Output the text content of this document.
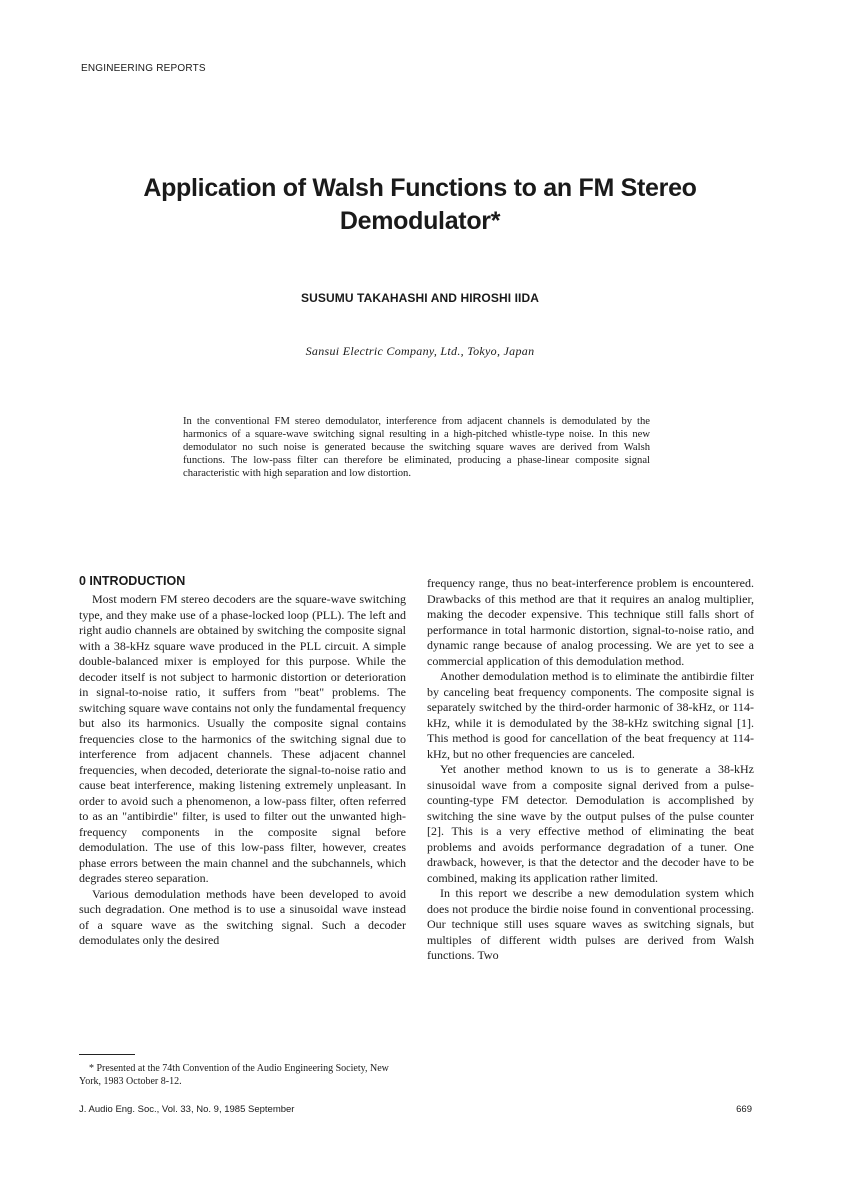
ENGINEERING REPORTS
Application of Walsh Functions to an FM Stereo Demodulator*
SUSUMU TAKAHASHI AND HIROSHI IIDA
Sansui Electric Company, Ltd., Tokyo, Japan

In the conventional FM stereo demodulator, interference from adjacent channels is demodulated by the harmonics of a square-wave switching signal resulting in a high-pitched whistle-type noise. In this new demodulator no such noise is generated because the switching square waves are derived from Walsh functions. The low-pass filter can therefore be eliminated, producing a phase-linear composite signal characteristic with high separation and low distortion.

0 INTRODUCTION

Most modern FM stereo decoders are the square-wave switching type, and they make use of a phase-locked loop (PLL). The left and right audio channels are obtained by switching the composite signal with a 38-kHz square wave produced in the PLL circuit. A simple double-balanced mixer is employed for this purpose. While the decoder itself is not subject to harmonic distortion or deterioration in signal-to-noise ratio, it suffers from "beat" problems. The switching square wave contains not only the fundamental frequency but also its harmonics. Usually the composite signal contains frequencies close to the harmonics of the switching signal due to interference from adjacent channels. These adjacent channel frequencies, when decoded, deteriorate the signal-to-noise ratio and cause beat interference, making listening extremely unpleasant. In order to avoid such a phenomenon, a low-pass filter, often referred to as an "antibirdie" filter, is used to filter out the unwanted high-frequency components in the composite signal before demodulation. The use of this low-pass filter, however, creates phase errors between the main channel and the subchannels, which degrades stereo separation.

Various demodulation methods have been developed to avoid such degradation. One method is to use a sinusoidal wave instead of a square wave as the switching signal. Such a decoder demodulates only the desired

frequency range, thus no beat-interference problem is encountered. Drawbacks of this method are that it requires an analog multiplier, making the decoder expensive. This technique still falls short of performance in total harmonic distortion, signal-to-noise ratio, and dynamic range because of analog processing. We are yet to see a commercial application of this demodulation method.

Another demodulation method is to eliminate the antibirdie filter by canceling beat frequency components. The composite signal is separately switched by the third-order harmonic of 38-kHz, or 114-kHz, while it is demodulated by the 38-kHz switching signal [1]. This method is good for cancellation of the beat frequency at 114-kHz, but no other frequencies are canceled.

Yet another method known to us is to generate a 38-kHz sinusoidal wave from a composite signal derived from a pulse-counting-type FM detector. Demodulation is accomplished by switching the sine wave by the output pulses of the pulse counter [2]. This is a very effective method of eliminating the beat problems and avoids performance degradation of a tuner. One drawback, however, is that the detector and the decoder have to be combined, making its application rather limited.

In this report we describe a new demodulation system which does not produce the birdie noise found in conventional processing. Our technique still uses square waves as switching signals, but multiples of different width pulses are derived from Walsh functions. Two

* Presented at the 74th Convention of the Audio Engineering Society, New York, 1983 October 8-12.

J. Audio Eng. Soc., Vol. 33, No. 9, 1985 September	669
